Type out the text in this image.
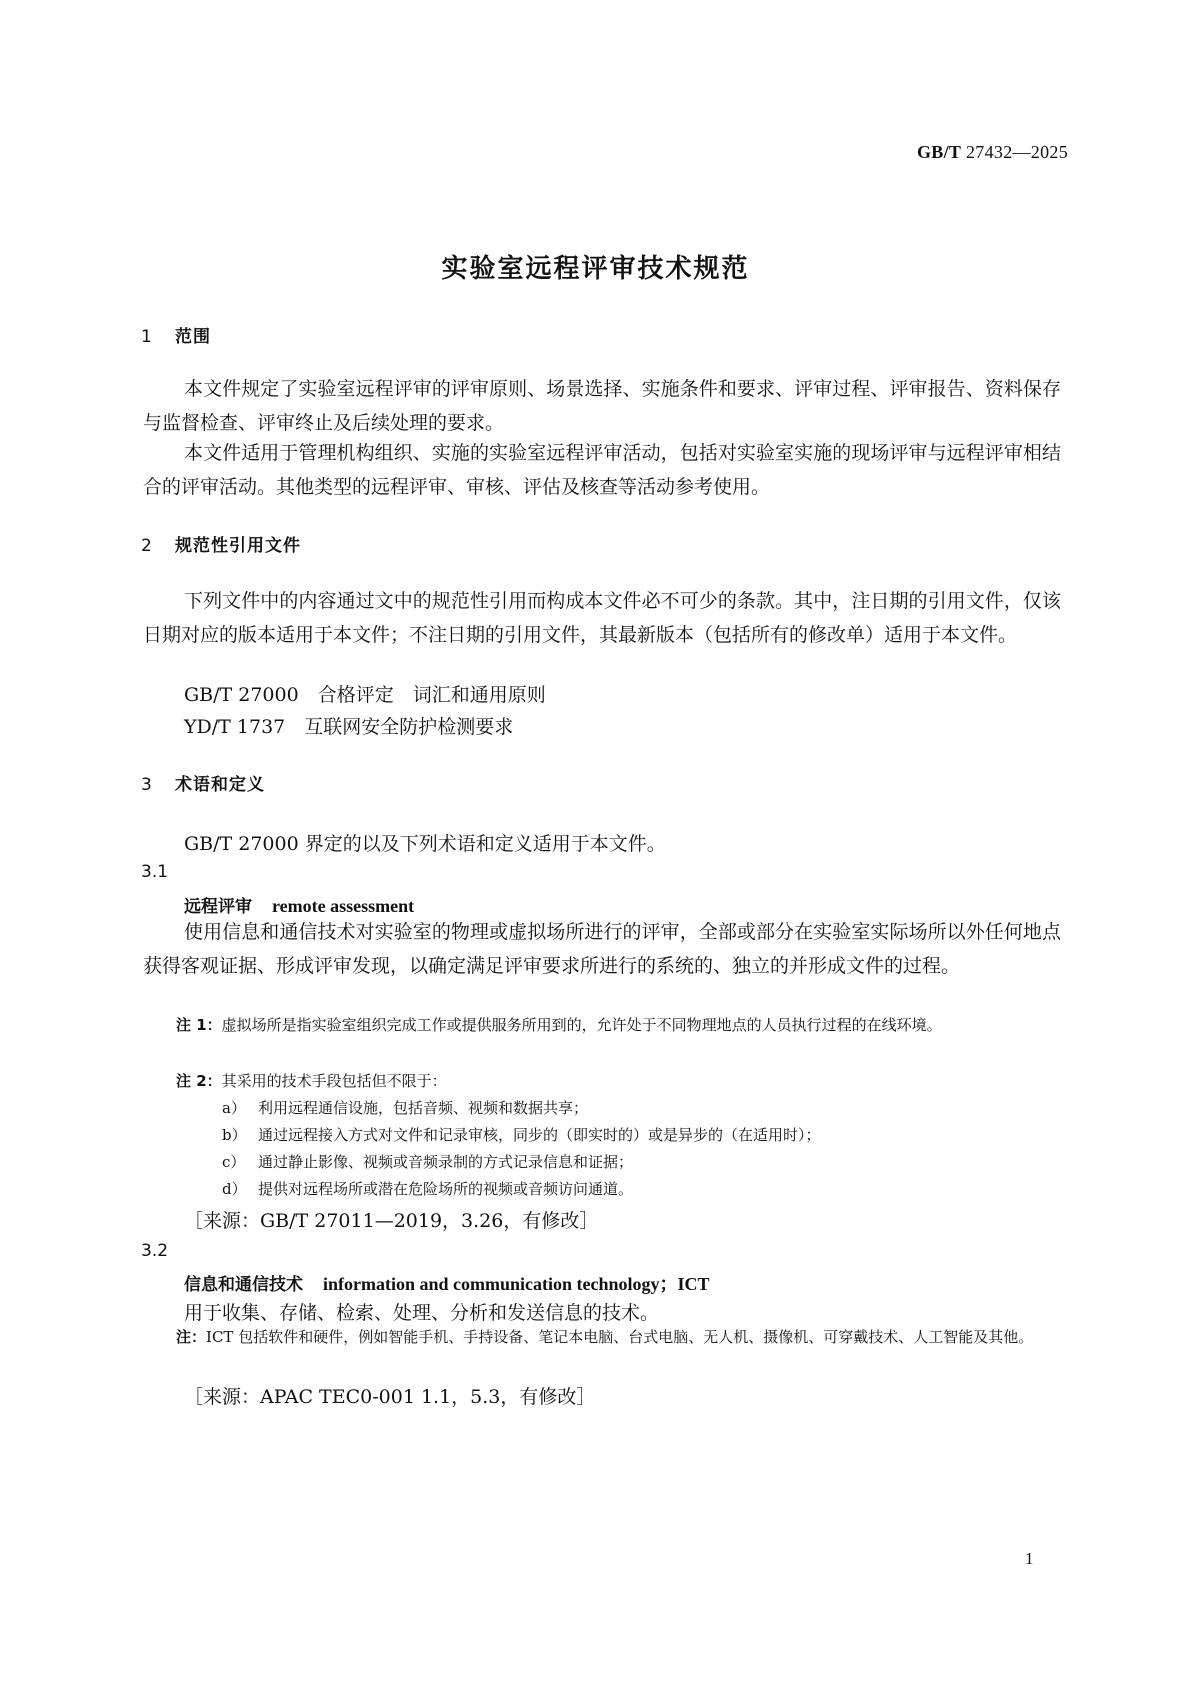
GB/T 27432—2025
实验室远程评审技术规范
1 范围
本文件规定了实验室远程评审的评审原则、场景选择、实施条件和要求、评审过程、评审报告、资料保存与监督检查、评审终止及后续处理的要求。
本文件适用于管理机构组织、实施的实验室远程评审活动，包括对实验室实施的现场评审与远程评审相结合的评审活动。其他类型的远程评审、审核、评估及核查等活动参考使用。
2 规范性引用文件
下列文件中的内容通过文中的规范性引用而构成本文件必不可少的条款。其中，注日期的引用文件，仅该日期对应的版本适用于本文件；不注日期的引用文件，其最新版本（包括所有的修改单）适用于本文件。
GB/T 27000　 合格评定　词汇和通用原则
YD/T 1737　 互联网安全防护检测要求
3 术语和定义
GB/T 27000 界定的以及下列术语和定义适用于本文件。
3.1
远程评审 remote assessment
使用信息和通信技术对实验室的物理或虚拟场所进行的评审，全部或部分在实验室实际场所以外任何地点获得客观证据、形成评审发现，以确定满足评审要求所进行的系统的、独立的并形成文件的过程。
注 1：虚拟场所是指实验室组织完成工作或提供服务所用到的，允许处于不同物理地点的人员执行过程的在线环境。
注 2：其采用的技术手段包括但不限于：
a） 利用远程通信设施，包括音频、视频和数据共享；
b） 通过远程接入方式对文件和记录审核，同步的（即实时的）或是异步的（在适用时）；
c） 通过静止影像、视频或音频录制的方式记录信息和证据；
d） 提供对远程场所或潜在危险场所的视频或音频访问通道。
［来源：GB/T 27011—2019，3.26，有修改］
3.2
信息和通信技术 information and communication technology；ICT
用于收集、存储、检索、处理、分析和发送信息的技术。
注：ICT 包括软件和硬件，例如智能手机、手持设备、笔记本电脑、台式电脑、无人机、摄像机、可穿戴技术、人工智能及其他。
［来源：APAC TEC0-001 1.1，5.3，有修改］
1
